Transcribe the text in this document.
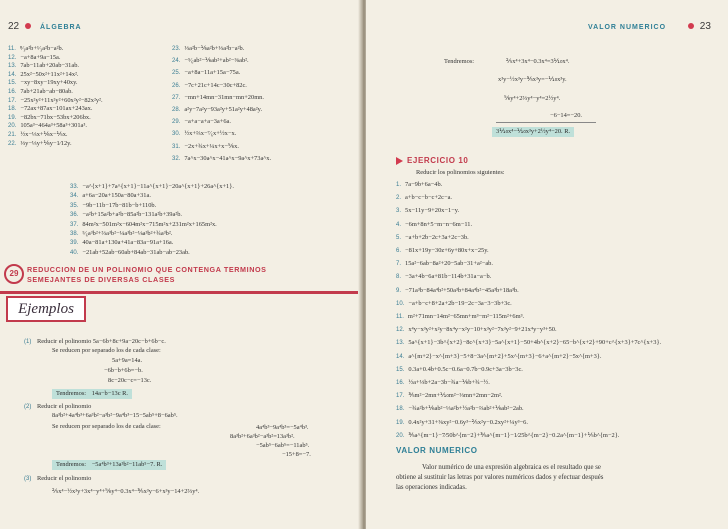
22	ÁLGEBRA
11. ⁸⁄₃a²b+¹⁄₃a²b−a²b.
12. −a+8a+9a−15a.
13. 7ab−11ab+20ab−31ab.
14. 25x²−50x²+11x²+14x².
15. −xy−8xy−19xy+40xy.
16. 7ab+21ab−ab−80ab.
17. −25x²y²+11x²y²+60x²y²−82x²y².
18. −72ax+87ax−101ax+243ax.
19. −82bx−71bx−53bx+206bx.
20. 105a³−464a³+58a³+301a³.
21. ½x−⅓x+⅙x−⅕x.
22. ⅓y−⅓y+⅙y−1⁄12y.
23. ⅓a²b−⅙a²b+⅓a²b−a²b.
24. −⁵⁄₆ab²−⅙ab²+ab²−⅜ab².
25. −a+8a−11a+15a−75a.
26. −7c+21c+14c−30c+82c.
27. −mn+14mn−31mn−mn+20mn.
28. a²y−7a²y−93a²y+51a²y+48a²y.
29. −a+a−a+a−3a+6a.
30. ½x+⅔x−⁷⁄₆x+½x−x.
31. −2x+¾x+¼x+x−⅚x.
32. 7a^x−30a^x−41a^x−9a^x+73a^x.
33. −a^{x+1}+7a^{x+1}−11a^{x+1}−20a^{x+1}+26a^{x+1}.
34. a+6a−20a+150a−80a+31a.
35. −9b−11b−17b−81b−b+110b.
36. −a²b+15a²b+a²b−85a²b−131a²b+39a²b.
37. 84m²x−501m²x−604m²x−715m²x+231m²x+165m²x.
38. ⁵⁄₆a³b²+⅔a³b²−¼a³b²−⅛a³b²+¾a³b².
39. 40a−81a+130a+41a−83a−91a+16a.
40. −21ab+52ab−60ab+84ab−31ab−ab−23ab.
29	REDUCCION DE UN POLINOMIO QUE CONTENGA TERMINOS
SEMEJANTES DE DIVERSAS CLASES
Ejemplos
(1) Reducir el polinomio 5a−6b+8c+9a−20c−b+6b−c.
Se reducen por separado los de cada clase:
5a+9a=14a.
−6b−b+6b=−b.
8c−20c−c=−13c.
Tendremos: 14a−b−13c R.
(2) Reducir el polinomio
8a³b²+4a⁴b³+6a³b²−a³b²−9a⁴b³−15−5ab⁵+8−6ab⁵.
Se reducen por separado los de cada clase:	4a⁴b³−9a⁴b³=−5a⁴b³.
8a³b²+6a³b²−a³b²=13a³b².
−5ab⁵−6ab⁵=−11ab⁵.
−15+8=−7.
Tendremos: −5a⁴b³+13a³b²−11ab⁵−7. R.
(3) Reducir el polinomio
⅖x⁴−½x³y+3x⁴−y⁴+⅚y⁴−0.3x⁴−⅗x³y−6+x³y−14+2⅔y⁴.
VALOR NUMERICO	23
Tendremos:	⅖x⁴+3x⁴−0.3x⁴=3⅒x⁴.
x³y−½x³y−⅗x³y=−⅒x³y.
⅚y⁴+2⅔y⁴−y⁴=2½y⁴.
−6−14=−20.
3⅒x⁴−⅒x³y+2½y⁴−20. R.
EJERCICIO 10
Reducir los polinomios siguientes:
1. 7a−9b+6a−4b.
2. a+b−c−b−c+2c−a.
3. 5x−11y−9+20x−1−y.
4. −6m+8n+5−m−n−6m−11.
5. −a+b+2b−2c+3a+2c−3b.
6. −81x+19y−30z+6y+80x+x−25y.
7. 15a²−6ab−8a²+20−5ab−31+a²−ab.
8. −3a+4b−6a+81b−114b+31a−a−b.
9. −71a³b−84a⁴b²+50a³b+84a⁴b²−45a³b+18a³b.
10. −a+b−c+8+2a+2b−19−2c−3a−3−3b+3c.
11. m²+71mn−14m²−65mn+m³−m²−115m²+6m³.
12. x⁴y−x³y²+x²y−8x⁴y−x²y−10+x³y²−7x³y²−9+21x⁴y−y³+50.
13. 5a^{x+1}−3b^{x+2}−8c^{x+3}−5a^{x+1}−50+4b^{x+2}−65−b^{x+2}+90+c^{x+3}+7c^{x+3}.
14. a^{m+2}−x^{m+3}−5+8−3a^{m+2}+5x^{m+3}−6+a^{m+2}−5x^{m+3}.
15. 0.3a+0.4b+0.5c−0.6a−0.7b−0.9c+3a−3b−3c.
16. ½a+⅓b+2a−3b−¾a−⅙b+¾−½.
17. ⅗m²−2mn+⅒m²−⅓mn+2mn−2m².
18. −¾a²b+⅙ab²−⅓a²b+½a²b−⅔ab²+⅙ab²−2ab.
19. 0.4x²y+31+⅜xy²−0.6y³−⅖x²y−0.2xy²+¼y³−6.
20. ⅗a^{m−1}−7⁄50b^{m−2}+⅗a^{m−1}−1⁄25b^{m−2}−0.2a^{m−1}+⅕b^{m−2}.
VALOR NUMERICO
Valor numérico de una expresión algebraica es el resultado que se
obtiene al sustituir las letras por valores numéricos dados y efectuar después
las operaciones indicadas.
